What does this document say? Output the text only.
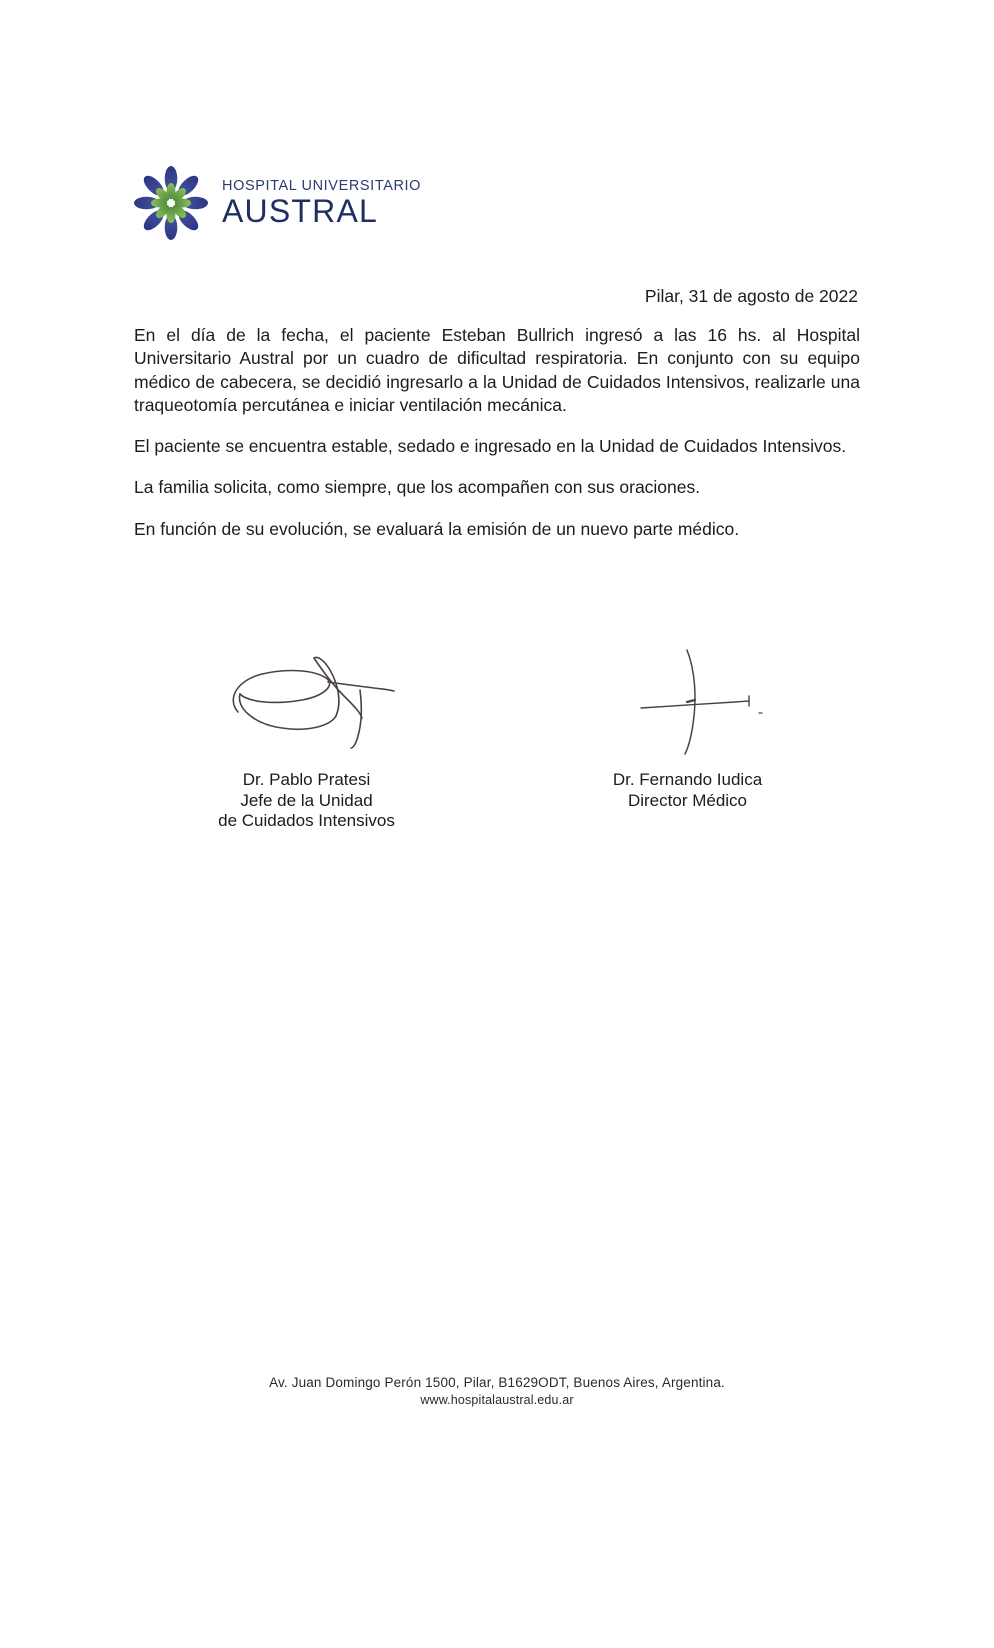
HOSPITAL UNIVERSITARIO
AUSTRAL
Pilar, 31 de agosto de 2022

En el día de la fecha, el paciente Esteban Bullrich ingresó a las 16 hs. al Hospital Universitario Austral por un cuadro de dificultad respiratoria. En conjunto con su equipo médico de cabecera, se decidió ingresarlo a la Unidad de Cuidados Intensivos, realizarle una traqueotomía percutánea e iniciar ventilación mecánica.

El paciente se encuentra estable, sedado e ingresado en la Unidad de Cuidados Intensivos.

La familia solicita, como siempre, que los acompañen con sus oraciones.

En función de su evolución, se evaluará la emisión de un nuevo parte médico.

Dr. Pablo Pratesi
Jefe de la Unidad
de Cuidados Intensivos
Dr. Fernando Iudica
Director Médico
Av. Juan Domingo Perón 1500, Pilar, B1629ODT, Buenos Aires, Argentina.
www.hospitalaustral.edu.ar
